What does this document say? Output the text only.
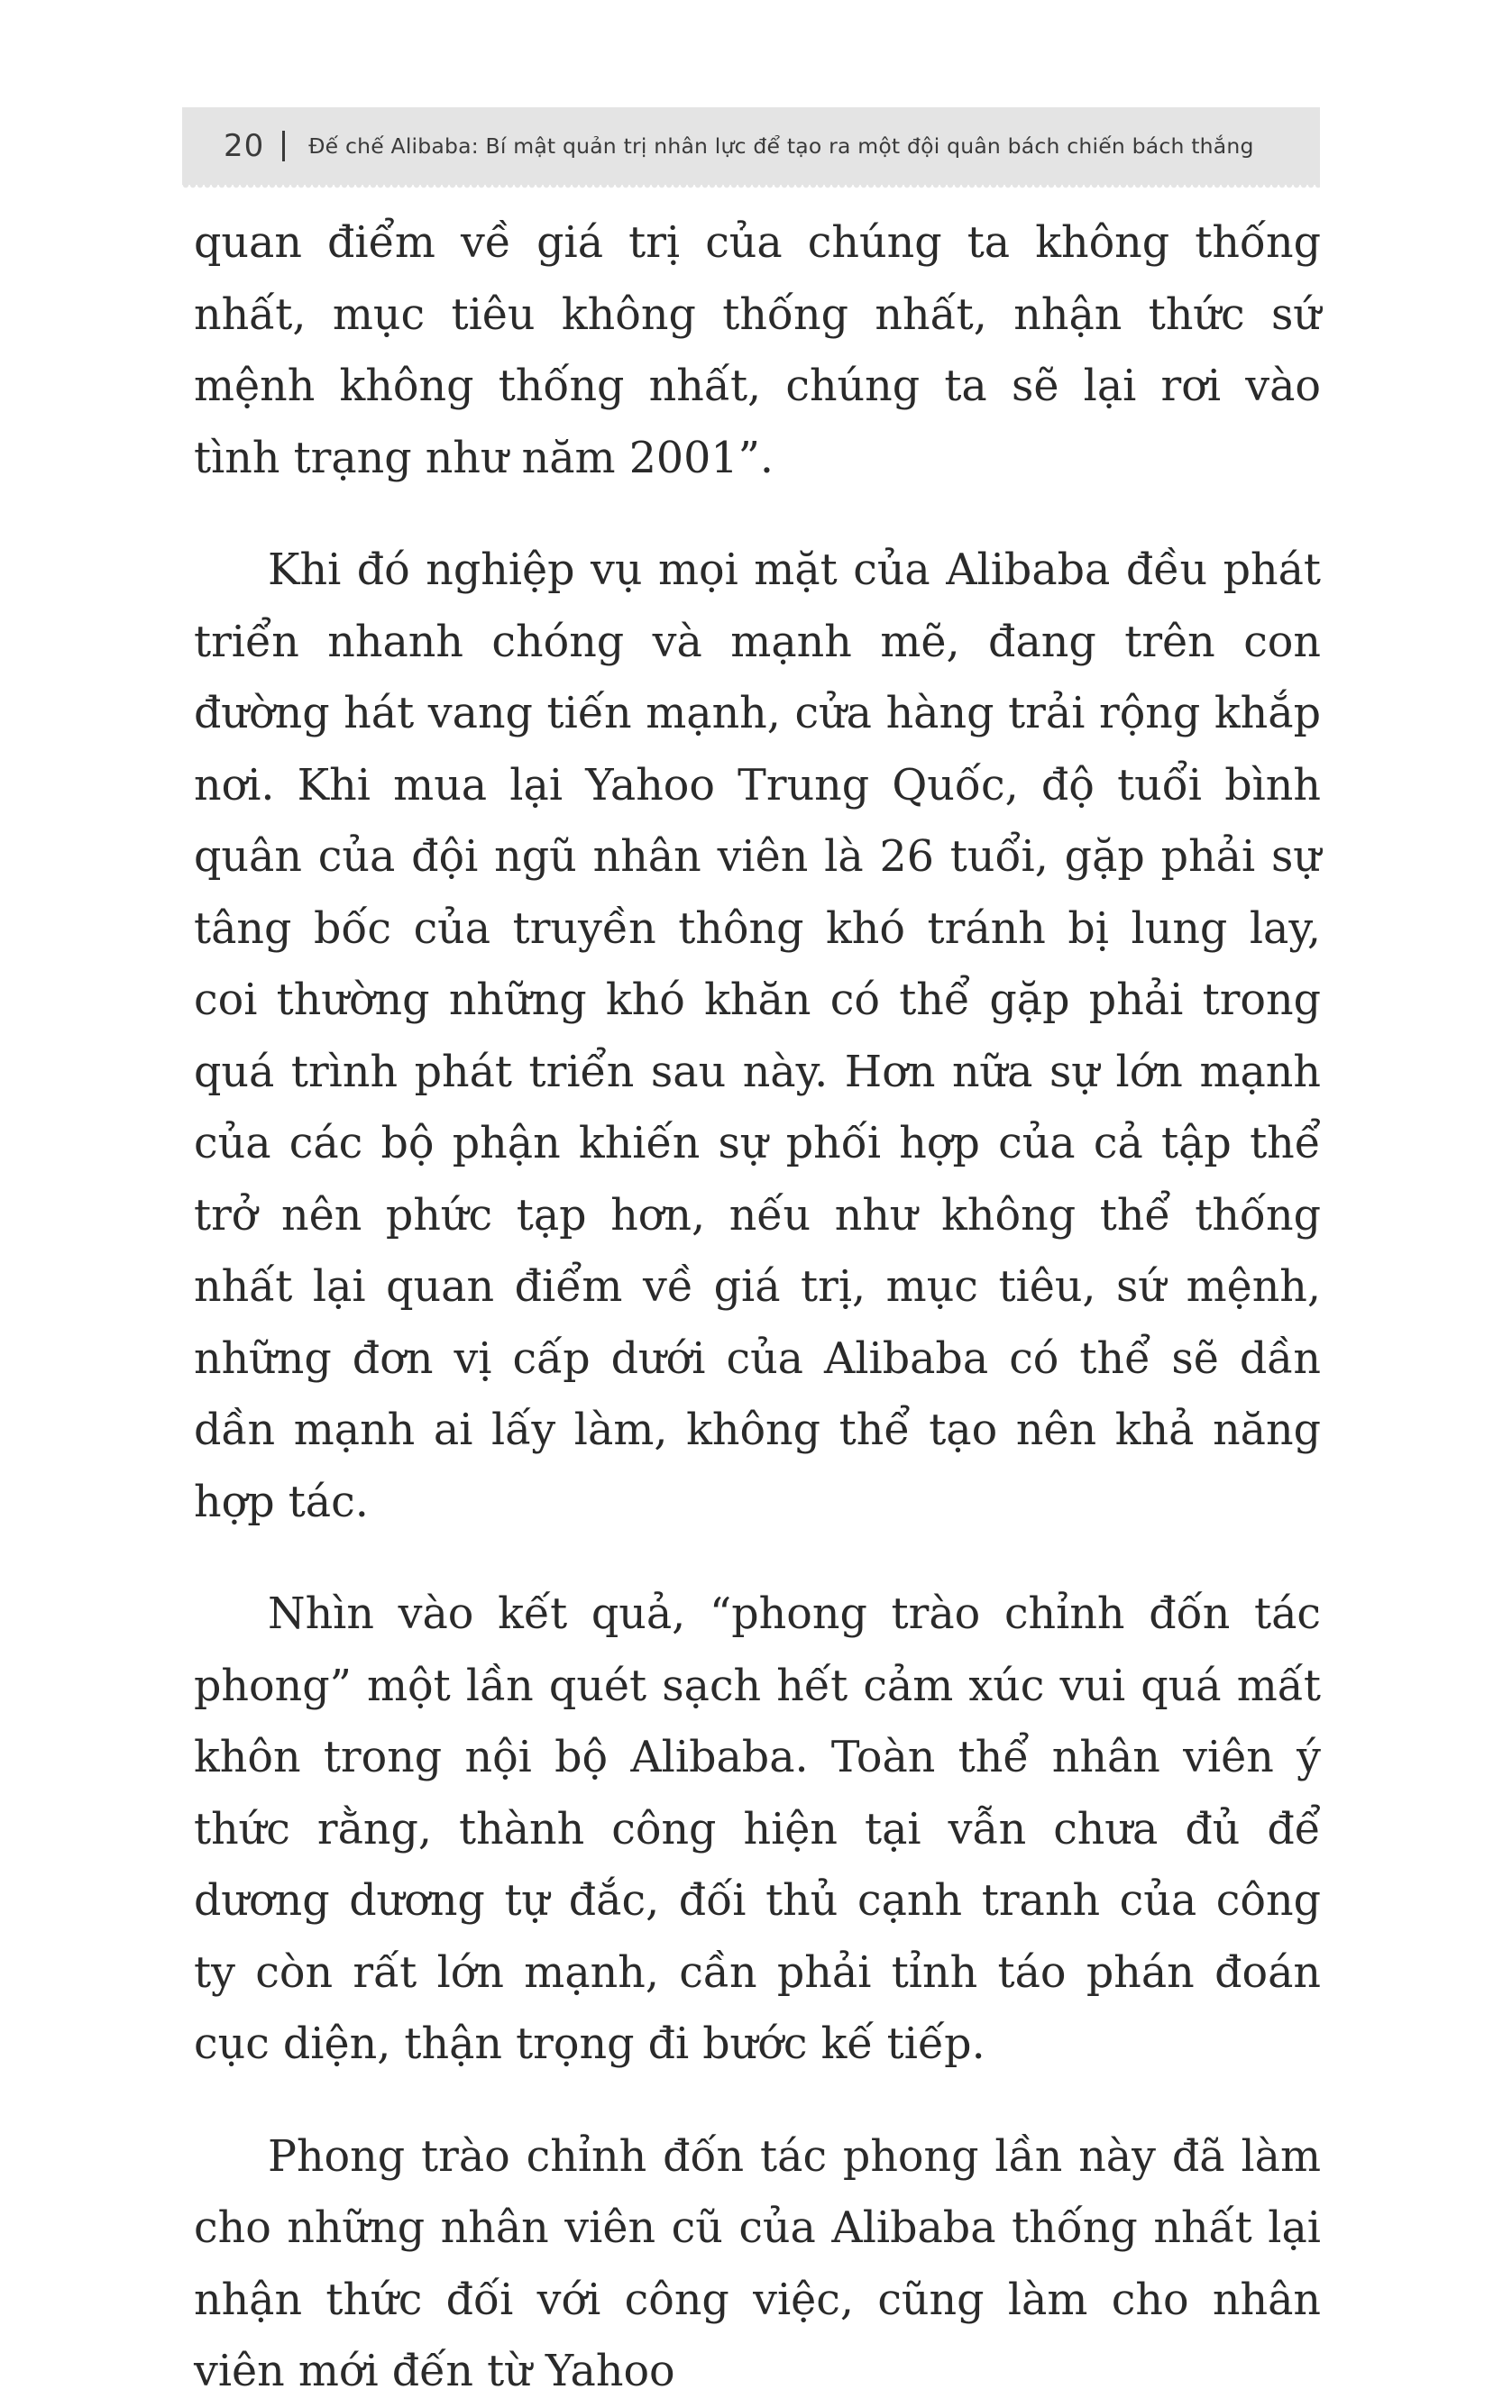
20 Đế chế Alibaba: Bí mật quản trị nhân lực để tạo ra một đội quân bách chiến bách thắng

quan điểm về giá trị của chúng ta không thống nhất, mục tiêu không thống nhất, nhận thức sứ mệnh không thống nhất, chúng ta sẽ lại rơi vào tình trạng như năm 2001”.

Khi đó nghiệp vụ mọi mặt của Alibaba đều phát triển nhanh chóng và mạnh mẽ, đang trên con đường hát vang tiến mạnh, cửa hàng trải rộng khắp nơi. Khi mua lại Yahoo Trung Quốc, độ tuổi bình quân của đội ngũ nhân viên là 26 tuổi, gặp phải sự tâng bốc của truyền thông khó tránh bị lung lay, coi thường những khó khăn có thể gặp phải trong quá trình phát triển sau này. Hơn nữa sự lớn mạnh của các bộ phận khiến sự phối hợp của cả tập thể trở nên phức tạp hơn, nếu như không thể thống nhất lại quan điểm về giá trị, mục tiêu, sứ mệnh, những đơn vị cấp dưới của Alibaba có thể sẽ dần dần mạnh ai lấy làm, không thể tạo nên khả năng hợp tác.

Nhìn vào kết quả, “phong trào chỉnh đốn tác phong” một lần quét sạch hết cảm xúc vui quá mất khôn trong nội bộ Alibaba. Toàn thể nhân viên ý thức rằng, thành công hiện tại vẫn chưa đủ để dương dương tự đắc, đối thủ cạnh tranh của công ty còn rất lớn mạnh, cần phải tỉnh táo phán đoán cục diện, thận trọng đi bước kế tiếp.

Phong trào chỉnh đốn tác phong lần này đã làm cho những nhân viên cũ của Alibaba thống nhất lại nhận thức đối với công việc, cũng làm cho nhân viên mới đến từ Yahoo
